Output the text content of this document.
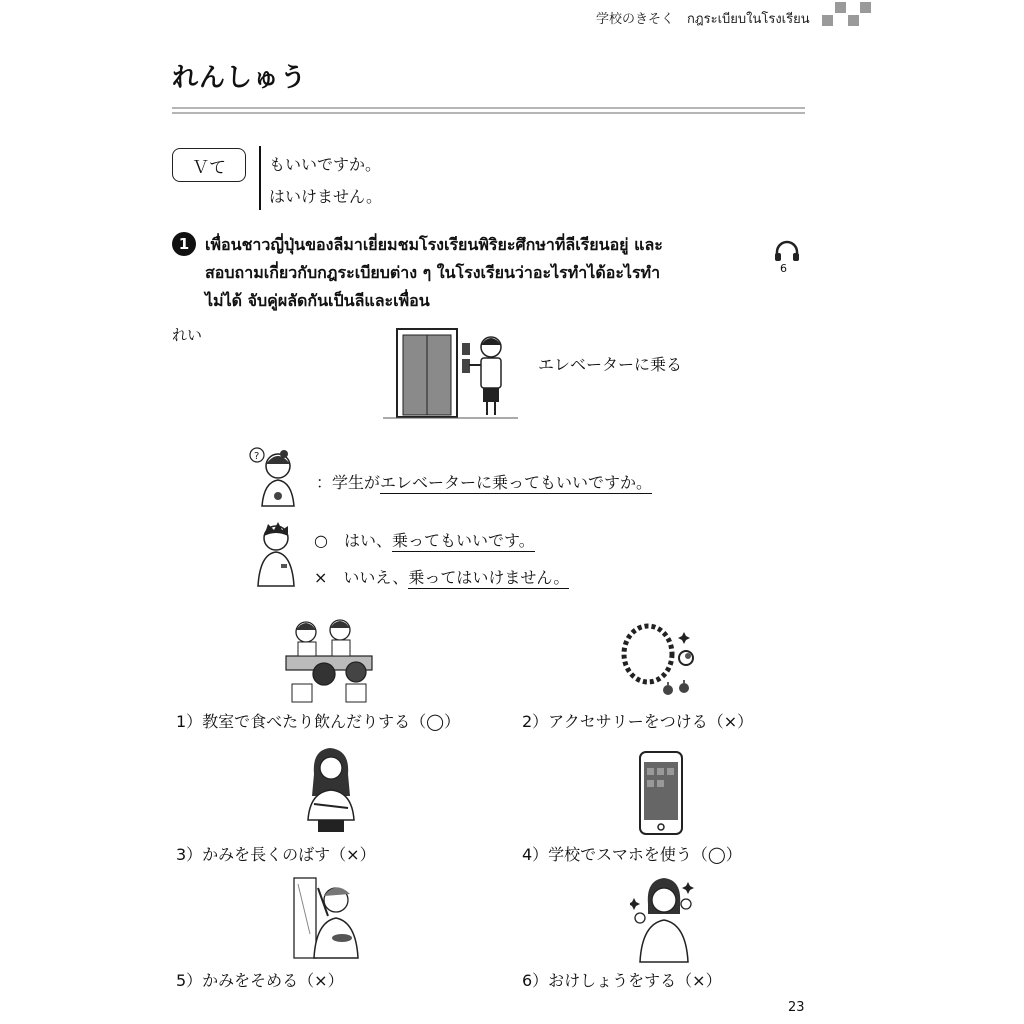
学校のきそく　กฎระเบียบในโรงเรียน
れんしゅう
Ｖて	もいいですか。
はいけません。
1 เพื่อนชาวญี่ปุ่นของลีมาเยี่ยมชมโรงเรียนพิริยะศึกษาที่ลีเรียนอยู่ และ
สอบถามเกี่ยวกับกฎระเบียบต่าง ๆ ในโรงเรียนว่าอะไรทำได้อะไรทำ
ไม่ได้ จับคู่ผลัดกันเป็นลีและเพื่อน
6
れい
エレベーターに乗る
?
：学生がエレベーターに乗ってもいいですか。
○　はい、乗ってもいいです。
×　いいえ、乗ってはいけません。
1）教室で食べたり飲んだりする（◯）	2）アクセサリーをつける（×）
3）かみを長くのばす（×）	4）学校でスマホを使う（◯）
5）かみをそめる（×）	6）おけしょうをする（×）
23
